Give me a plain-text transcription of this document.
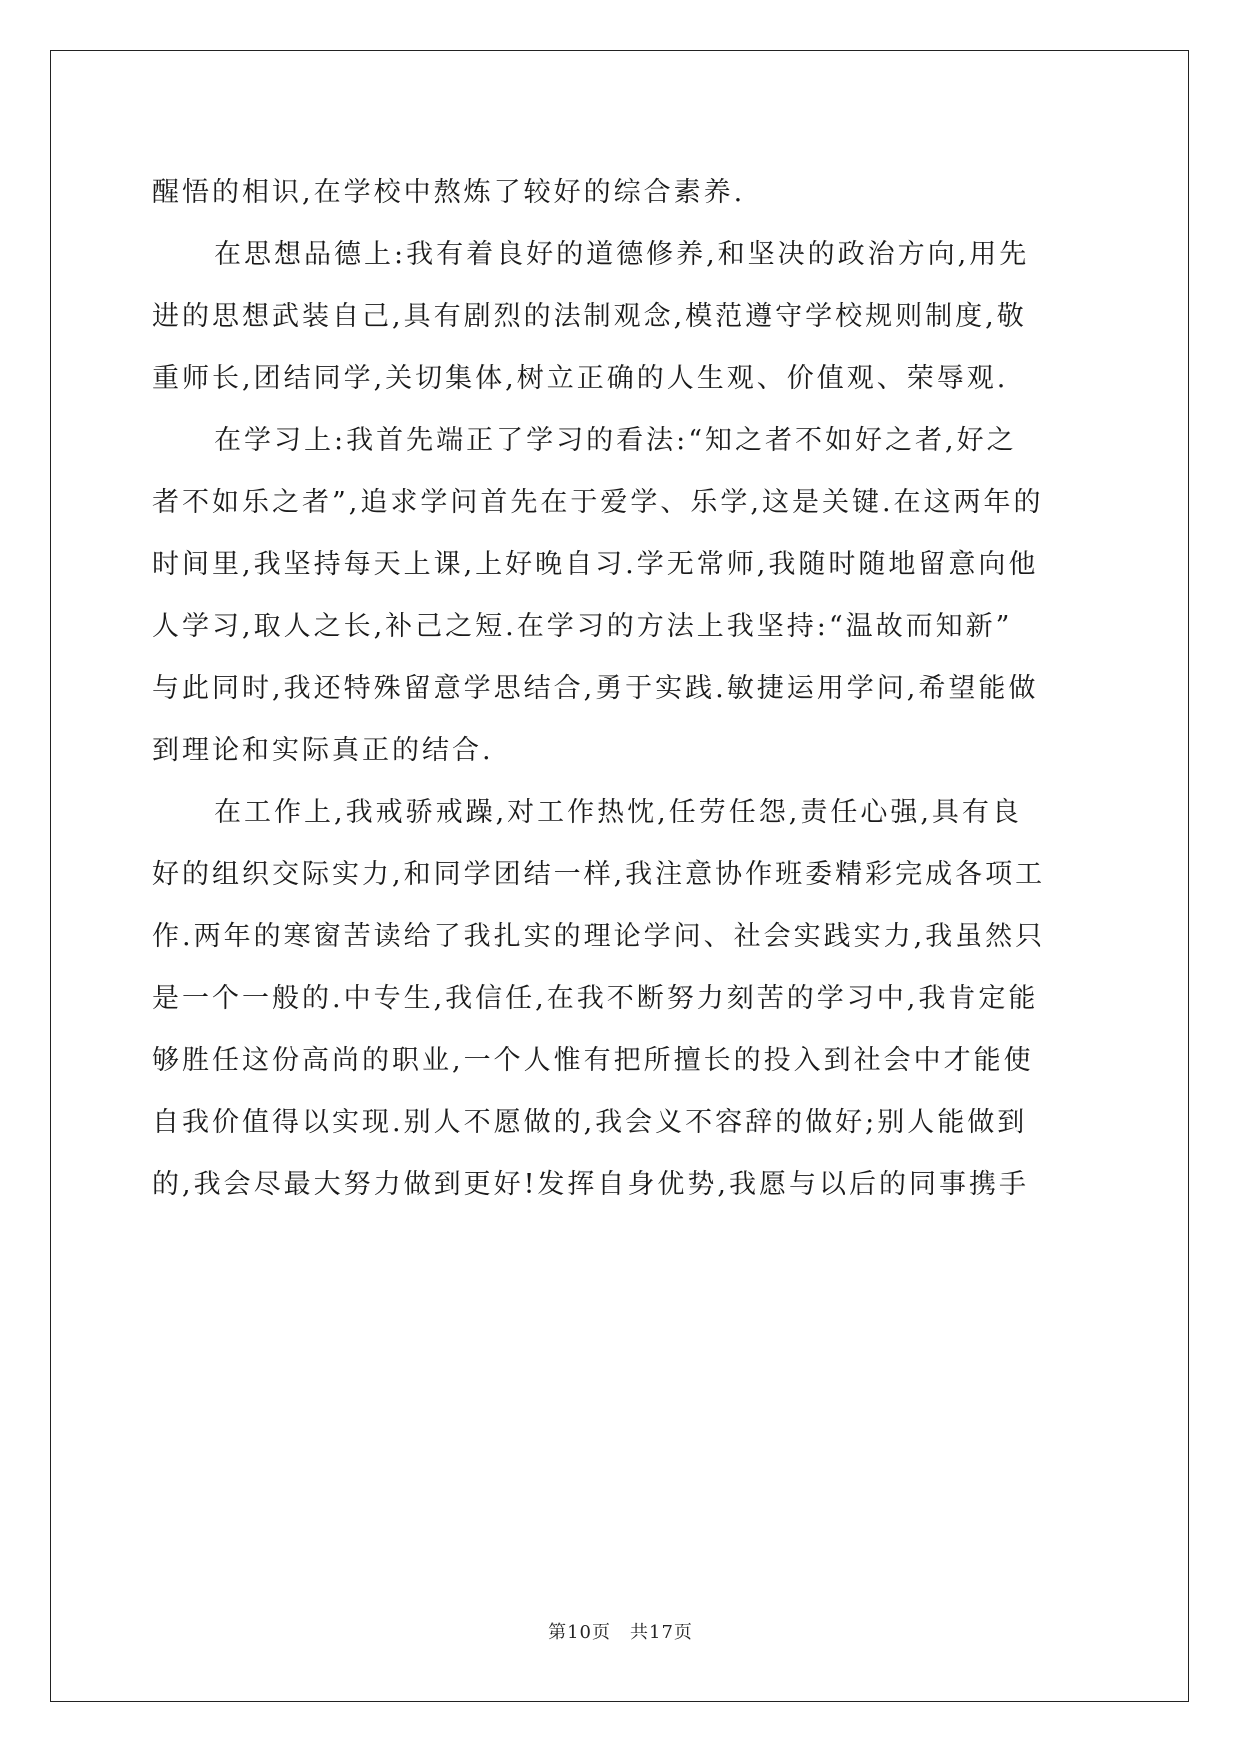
醒悟的相识,在学校中熬炼了较好的综合素养.
在思想品德上:我有着良好的道德修养,和坚决的政治方向,用先
进的思想武装自己,具有剧烈的法制观念,模范遵守学校规则制度,敬
重师长,团结同学,关切集体,树立正确的人生观、价值观、荣辱观.
在学习上:我首先端正了学习的看法:“知之者不如好之者,好之
者不如乐之者”,追求学问首先在于爱学、乐学,这是关键.在这两年的
时间里,我坚持每天上课,上好晚自习.学无常师,我随时随地留意向他
人学习,取人之长,补己之短.在学习的方法上我坚持:“温故而知新”
与此同时,我还特殊留意学思结合,勇于实践.敏捷运用学问,希望能做
到理论和实际真正的结合.
在工作上,我戒骄戒躁,对工作热忱,任劳任怨,责任心强,具有良
好的组织交际实力,和同学团结一样,我注意协作班委精彩完成各项工
作.两年的寒窗苦读给了我扎实的理论学问、社会实践实力,我虽然只
是一个一般的.中专生,我信任,在我不断努力刻苦的学习中,我肯定能
够胜任这份高尚的职业,一个人惟有把所擅长的投入到社会中才能使
自我价值得以实现.别人不愿做的,我会义不容辞的做好;别人能做到
的,我会尽最大努力做到更好!发挥自身优势,我愿与以后的同事携手
第10页　共17页
